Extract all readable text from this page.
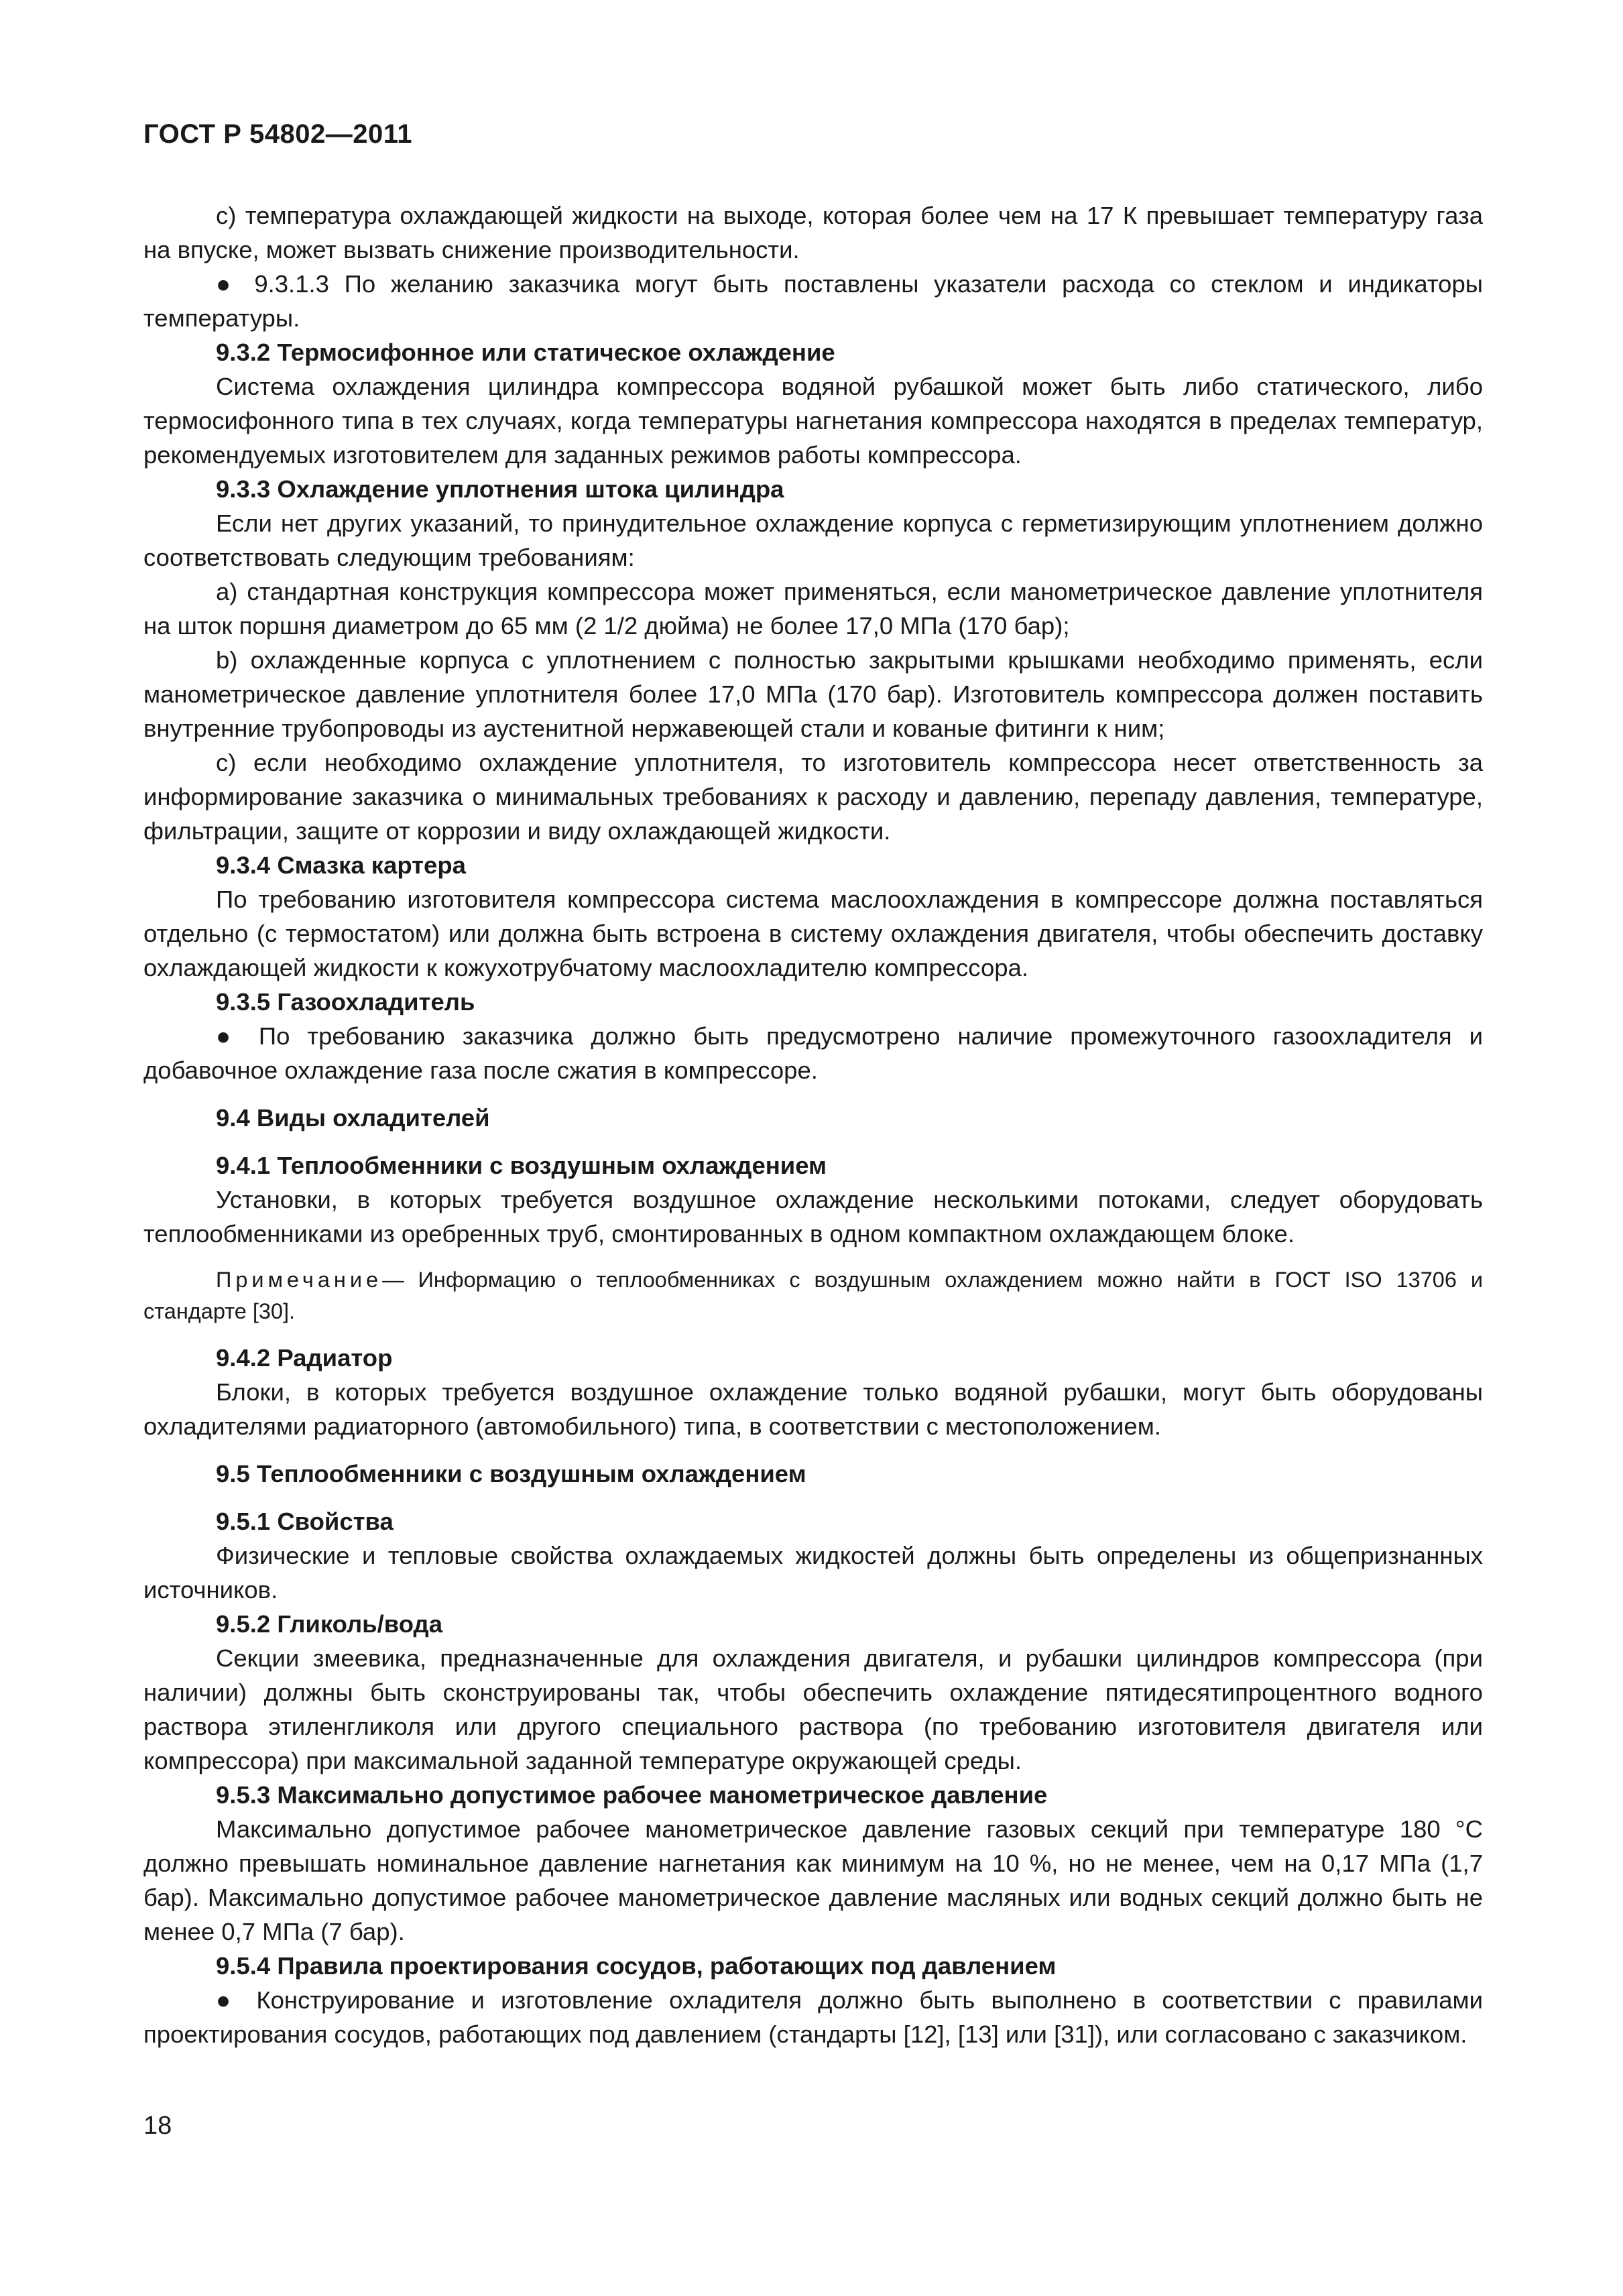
ГОСТ Р 54802—2011

с) температура охлаждающей жидкости на выходе, которая более чем на 17 К превышает температуру газа на впуске, может вызвать снижение производительности.

● 9.3.1.3 По желанию заказчика могут быть поставлены указатели расхода со стеклом и индикаторы температуры.

9.3.2 Термосифонное или статическое охлаждение

Система охлаждения цилиндра компрессора водяной рубашкой может быть либо статического, либо термосифонного типа в тех случаях, когда температуры нагнетания компрессора находятся в пределах температур, рекомендуемых изготовителем для заданных режимов работы компрессора.

9.3.3 Охлаждение уплотнения штока цилиндра

Если нет других указаний, то принудительное охлаждение корпуса с герметизирующим уплотнением должно соответствовать следующим требованиям:

a) стандартная конструкция компрессора может применяться, если манометрическое давление уплотнителя на шток поршня диаметром до 65 мм (2 1/2 дюйма) не более 17,0 МПа (170 бар);

b) охлажденные корпуса с уплотнением с полностью закрытыми крышками необходимо применять, если манометрическое давление уплотнителя более 17,0 МПа (170 бар). Изготовитель компрессора должен поставить внутренние трубопроводы из аустенитной нержавеющей стали и кованые фитинги к ним;

с) если необходимо охлаждение уплотнителя, то изготовитель компрессора несет ответственность за информирование заказчика о минимальных требованиях к расходу и давлению, перепаду давления, температуре, фильтрации, защите от коррозии и виду охлаждающей жидкости.

9.3.4 Смазка картера

По требованию изготовителя компрессора система маслоохлаждения в компрессоре должна поставляться отдельно (с термостатом) или должна быть встроена в систему охлаждения двигателя, чтобы обеспечить доставку охлаждающей жидкости к кожухотрубчатому маслоохладителю компрессора.

9.3.5 Газоохладитель

● По требованию заказчика должно быть предусмотрено наличие промежуточного газоохладителя и добавочное охлаждение газа после сжатия в компрессоре.

9.4 Виды охладителей

9.4.1 Теплообменники с воздушным охлаждением

Установки, в которых требуется воздушное охлаждение несколькими потоками, следует оборудовать теплообменниками из оребренных труб, смонтированных в одном компактном охлаждающем блоке.

Примечание— Информацию о теплообменниках с воздушным охлаждением можно найти в ГОСТ ISO 13706 и стандарте [30].

9.4.2 Радиатор

Блоки, в которых требуется воздушное охлаждение только водяной рубашки, могут быть оборудованы охладителями радиаторного (автомобильного) типа, в соответствии с местоположением.

9.5 Теплообменники с воздушным охлаждением

9.5.1 Свойства

Физические и тепловые свойства охлаждаемых жидкостей должны быть определены из общепризнанных источников.

9.5.2 Гликоль/вода

Секции змеевика, предназначенные для охлаждения двигателя, и рубашки цилиндров компрессора (при наличии) должны быть сконструированы так, чтобы обеспечить охлаждение пятидесятипроцентного водного раствора этиленгликоля или другого специального раствора (по требованию изготовителя двигателя или компрессора) при максимальной заданной температуре окружающей среды.

9.5.3 Максимально допустимое рабочее манометрическое давление

Максимально допустимое рабочее манометрическое давление газовых секций при температуре 180 °С должно превышать номинальное давление нагнетания как минимум на 10 %, но не менее, чем на 0,17 МПа (1,7 бар). Максимально допустимое рабочее манометрическое давление масляных или водных секций должно быть не менее 0,7 МПа (7 бар).

9.5.4 Правила проектирования сосудов, работающих под давлением

● Конструирование и изготовление охладителя должно быть выполнено в соответствии с правилами проектирования сосудов, работающих под давлением (стандарты [12], [13] или [31]), или согласовано с заказчиком.

18
